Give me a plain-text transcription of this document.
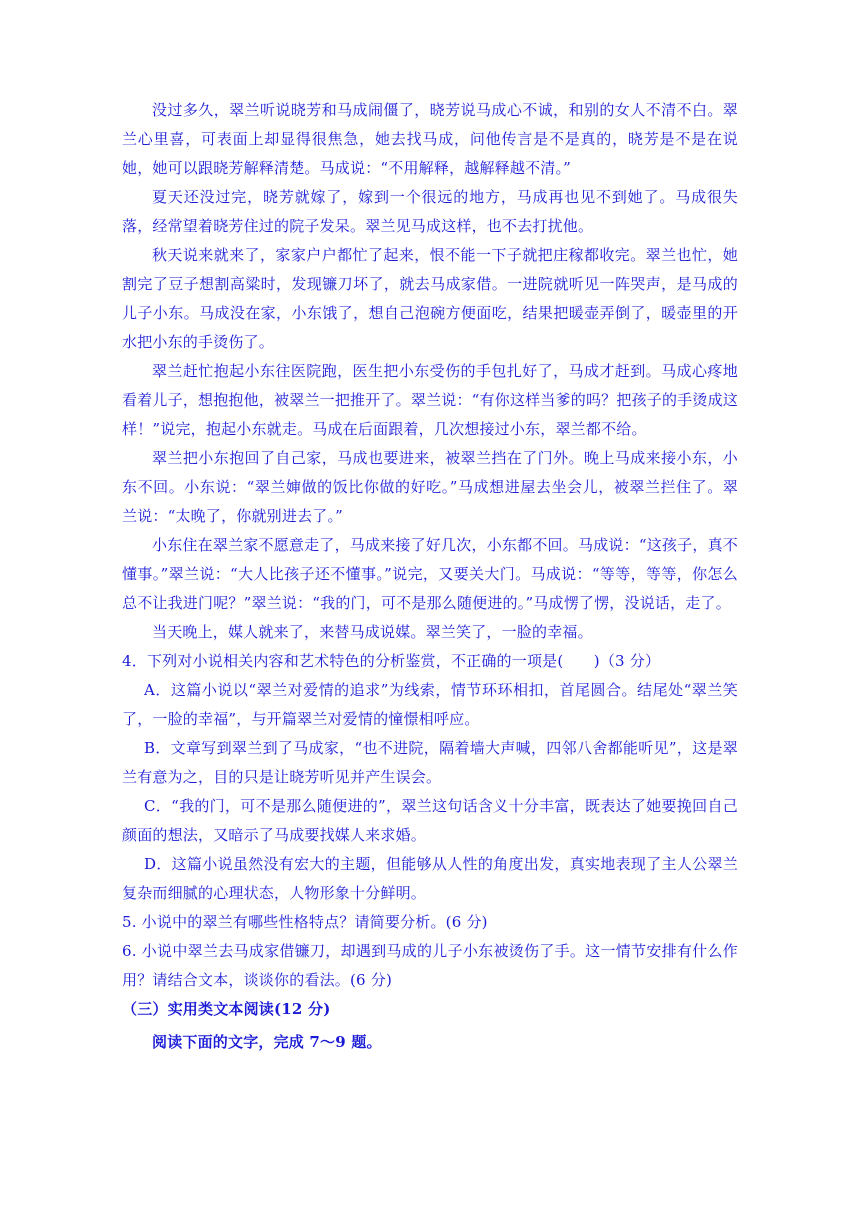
没过多久，翠兰听说晓芳和马成闹僵了，晓芳说马成心不诚，和别的女人不清不白。翠兰心里喜，可表面上却显得很焦急，她去找马成，问他传言是不是真的，晓芳是不是在说她，她可以跟晓芳解释清楚。马成说：“不用解释，越解释越不清。”

夏天还没过完，晓芳就嫁了，嫁到一个很远的地方，马成再也见不到她了。马成很失落，经常望着晓芳住过的院子发呆。翠兰见马成这样，也不去打扰他。

秋天说来就来了，家家户户都忙了起来，恨不能一下子就把庄稼都收完。翠兰也忙，她割完了豆子想割高粱时，发现镰刀坏了，就去马成家借。一进院就听见一阵哭声，是马成的儿子小东。马成没在家，小东饿了，想自己泡碗方便面吃，结果把暖壶弄倒了，暖壶里的开水把小东的手烫伤了。

翠兰赶忙抱起小东往医院跑，医生把小东受伤的手包扎好了，马成才赶到。马成心疼地看着儿子，想抱抱他，被翠兰一把推开了。翠兰说：“有你这样当爹的吗？把孩子的手烫成这样！”说完，抱起小东就走。马成在后面跟着，几次想接过小东，翠兰都不给。

翠兰把小东抱回了自己家，马成也要进来，被翠兰挡在了门外。晚上马成来接小东，小东不回。小东说：“翠兰婶做的饭比你做的好吃。”马成想进屋去坐会儿，被翠兰拦住了。翠兰说：“太晚了，你就别进去了。”

小东住在翠兰家不愿意走了，马成来接了好几次，小东都不回。马成说：“这孩子，真不懂事。”翠兰说：“大人比孩子还不懂事。”说完，又要关大门。马成说：“等等，等等，你怎么总不让我进门呢？”翠兰说：“我的门，可不是那么随便进的。”马成愣了愣，没说话，走了。

当天晚上，媒人就来了，来替马成说媒。翠兰笑了，一脸的幸福。

4．下列对小说相关内容和艺术特色的分析鉴赏，不正确的一项是(　　)（3 分）

A．这篇小说以“翠兰对爱情的追求”为线索，情节环环相扣，首尾圆合。结尾处“翠兰笑了，一脸的幸福”，与开篇翠兰对爱情的憧憬相呼应。

B．文章写到翠兰到了马成家，“也不进院，隔着墙大声喊，四邻八舍都能听见”，这是翠兰有意为之，目的只是让晓芳听见并产生误会。

C．“我的门，可不是那么随便进的”，翠兰这句话含义十分丰富，既表达了她要挽回自己颜面的想法，又暗示了马成要找媒人来求婚。

D．这篇小说虽然没有宏大的主题，但能够从人性的角度出发，真实地表现了主人公翠兰复杂而细腻的心理状态，人物形象十分鲜明。

5. 小说中的翠兰有哪些性格特点？请简要分析。(6 分)

6. 小说中翠兰去马成家借镰刀，却遇到马成的儿子小东被烫伤了手。这一情节安排有什么作用？请结合文本，谈谈你的看法。(6 分)

（三）实用类文本阅读(12 分)

阅读下面的文字，完成 7～9 题。
